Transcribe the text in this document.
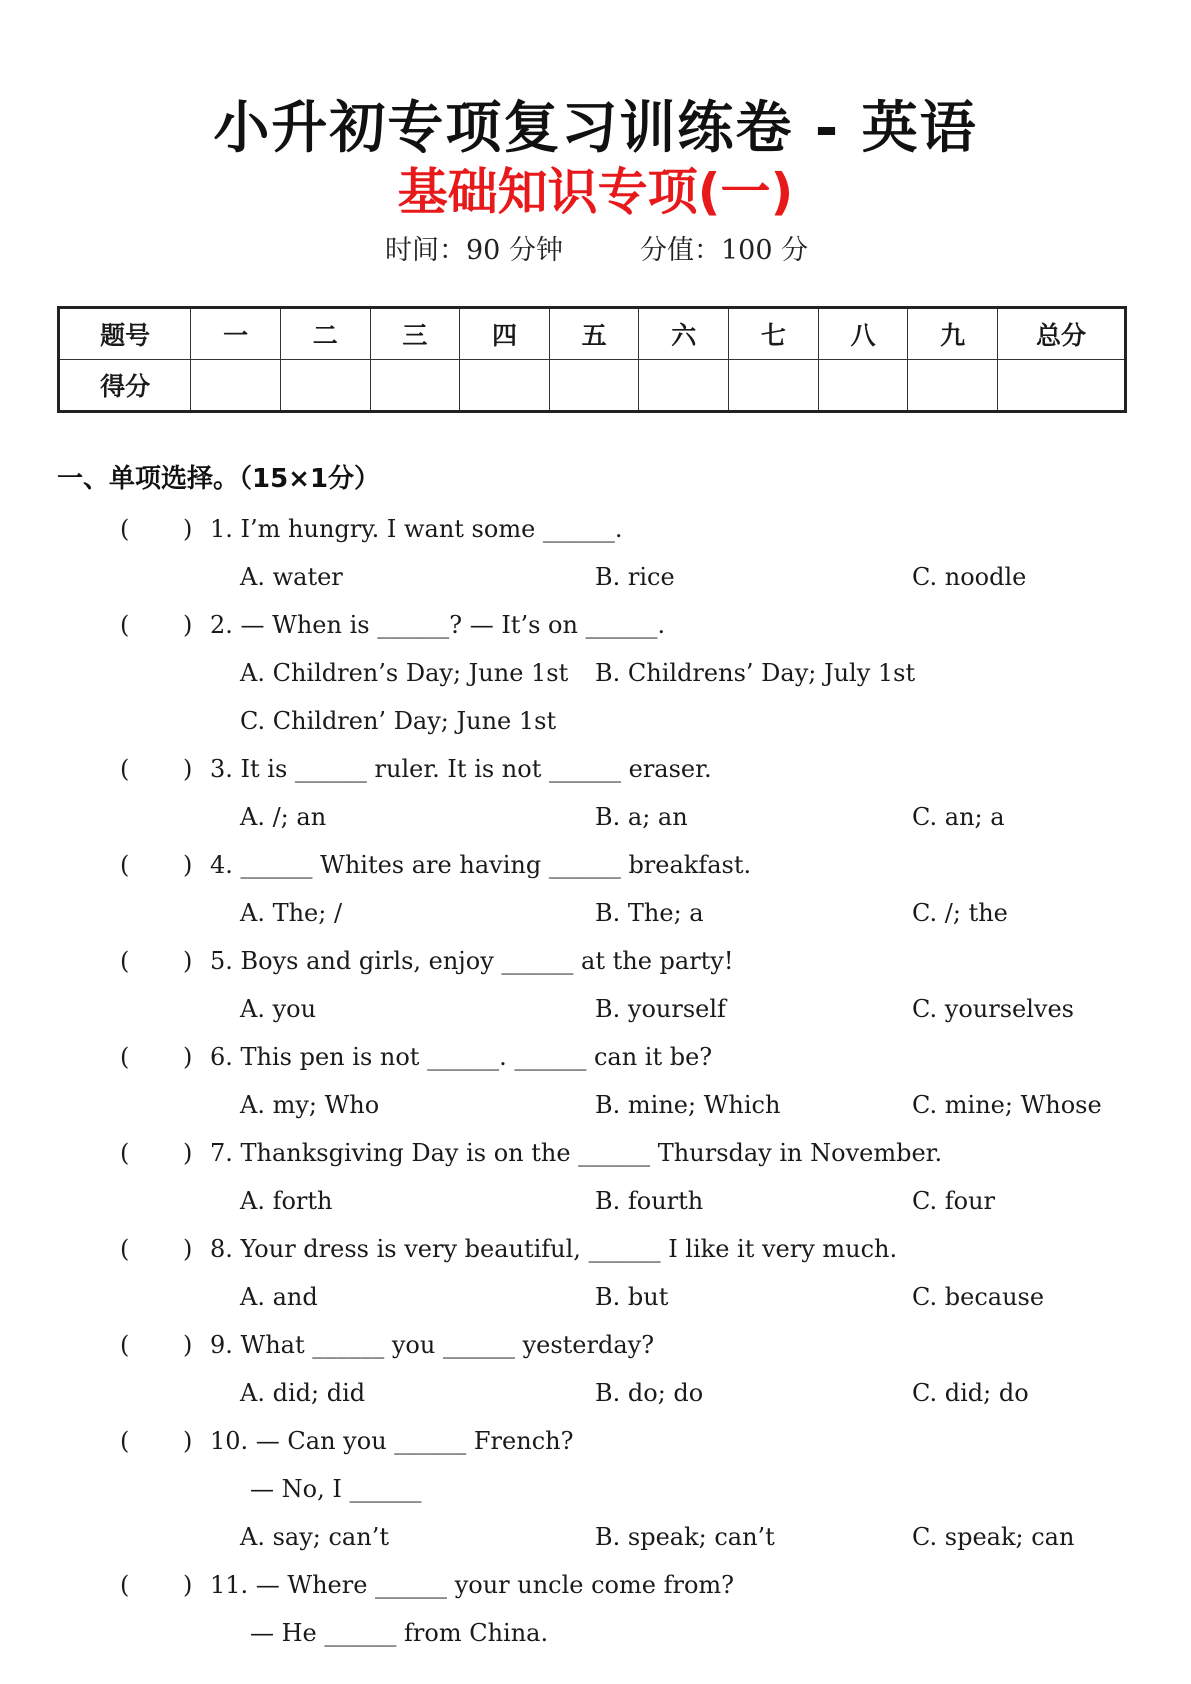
小升初专项复习训练卷 - 英语
基础知识专项(一)
时间：90 分钟	分值：100 分
题号	一	二	三	四	五	六	七	八	九	总分
得分										
一、单项选择。（15×1分）
( ) 1. I’m hungry. I want some ______.
A. water	B. rice	C. noodle
( ) 2. — When is ______? — It’s on ______.
A. Children’s Day; June 1st B. Childrens’ Day; July 1st
C. Children’ Day; June 1st
( ) 3. It is ______ ruler. It is not ______ eraser.
A. /; an	B. a; an	C. an; a
( ) 4. ______ Whites are having ______ breakfast.
A. The; /	B. The; a	C. /; the
( ) 5. Boys and girls, enjoy ______ at the party!
A. you	B. yourself	C. yourselves
( ) 6. This pen is not ______. ______ can it be?
A. my; Who	B. mine; Which	C. mine; Whose
( ) 7. Thanksgiving Day is on the ______ Thursday in November.
A. forth	B. fourth	C. four
( ) 8. Your dress is very beautiful, ______ I like it very much.
A. and	B. but	C. because
( ) 9. What ______ you ______ yesterday?
A. did; did	B. do; do	C. did; do
( ) 10. — Can you ______ French?
— No, I ______
A. say; can’t	B. speak; can’t	C. speak; can
( ) 11. — Where ______ your uncle come from?
— He ______ from China.
